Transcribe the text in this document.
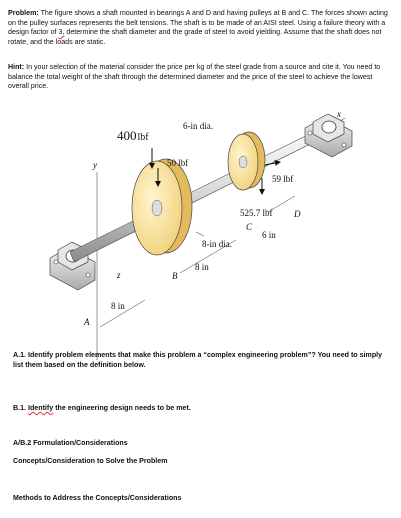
Problem: The figure shows a shaft mounted in bearings A and D and having pulleys at B and C. The forces shown acting on the pulley surfaces represents the belt tensions. The shaft is to be made of an AISI steel. Using a failure theory with a design factor of 3, determine the shaft diameter and the grade of steel to avoid yielding. Assume that the shaft does not rotate, and the loads are static.

Hint: In your selection of the material consider the price per kg of the steel grade from a source and cite it. You need to balance the total weight of the shaft through the determined diameter and the price of the steel to achieve the lowest overall price.

400lbf
6-in dia.
50 lbf
59 lbf
525.7 lbf D
C
6 in
8-in dia.
8 in
B
z
y
x
A
8 in

A.1. Identify problem elements that make this problem a “complex engineering problem”? You need to simply list them based on the definition below.

B.1. Identify the engineering design needs to be met.

A/B.2 Formulation/Considerations

Concepts/Consideration to Solve the Problem

Methods to Address the Concepts/Considerations
